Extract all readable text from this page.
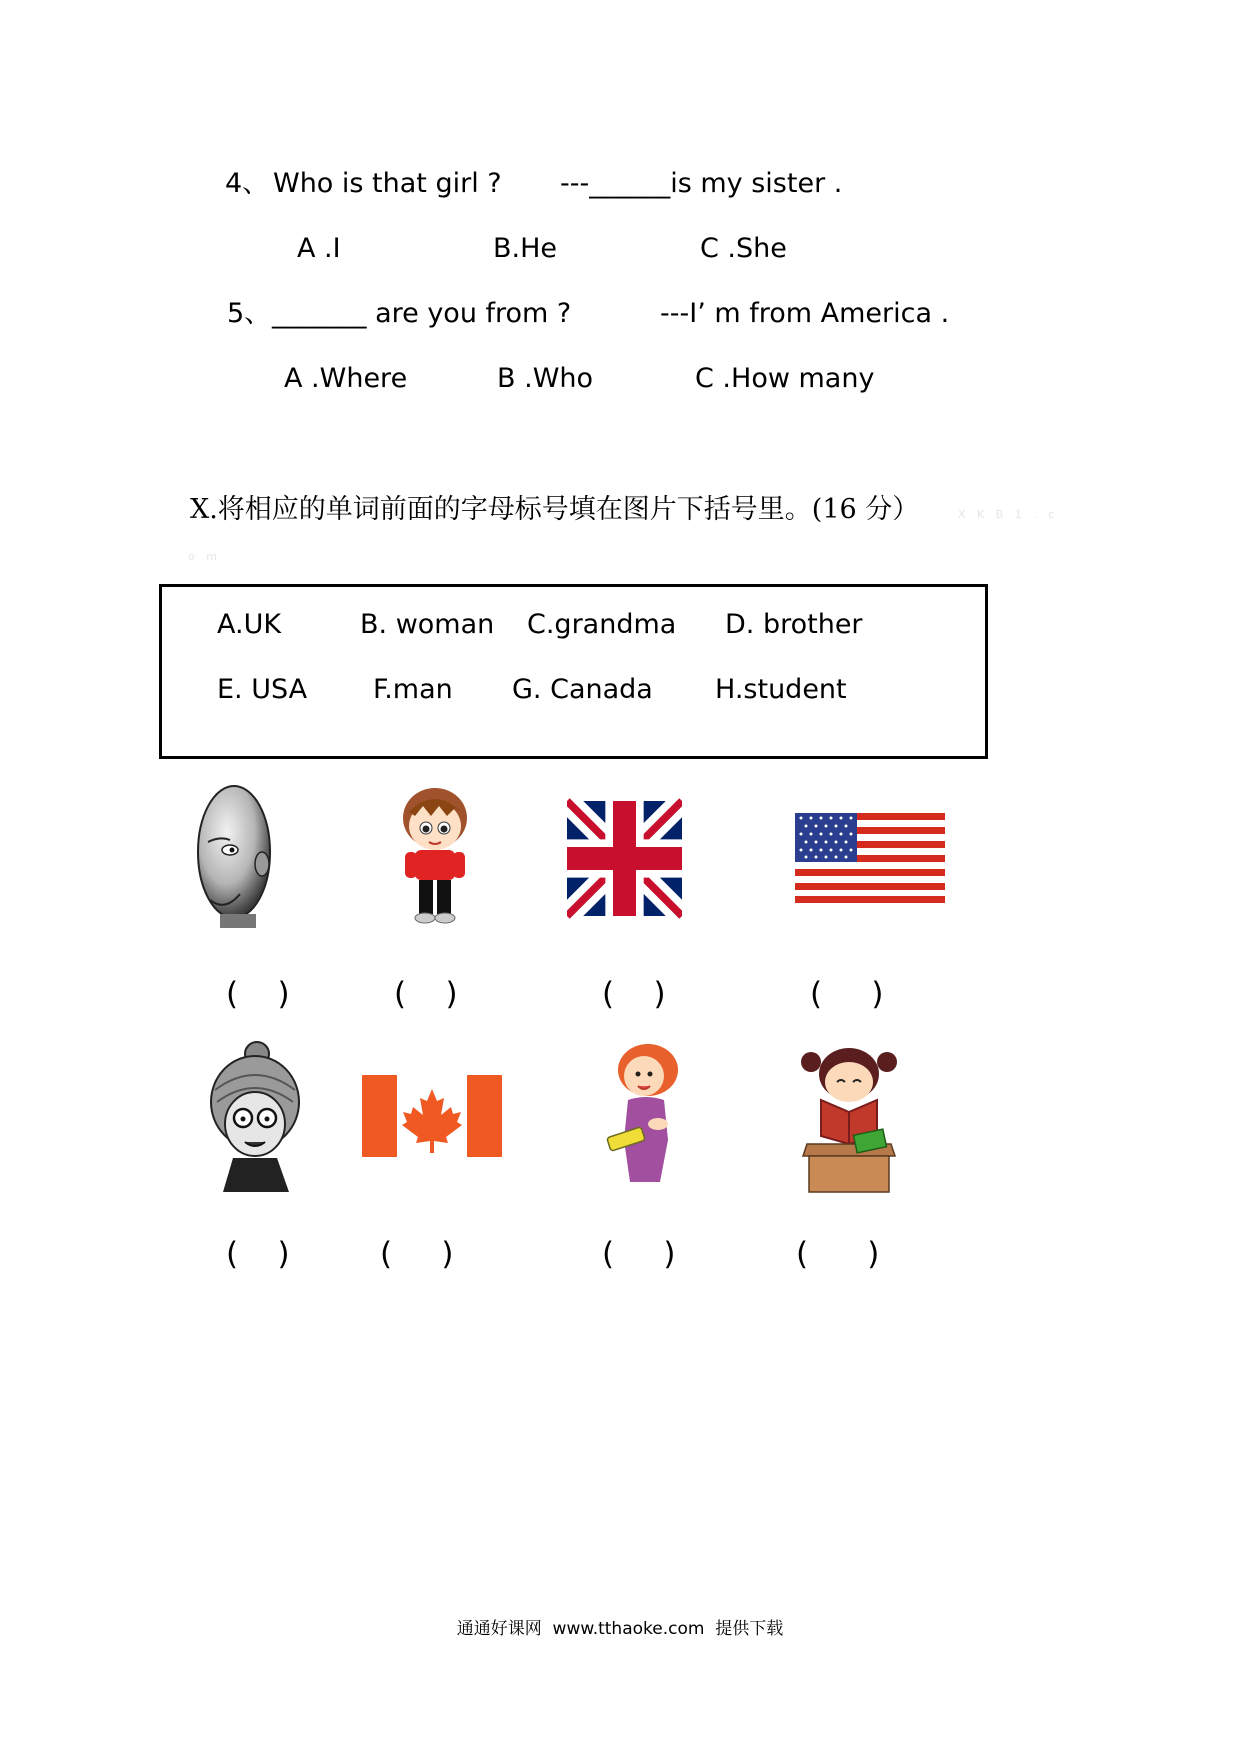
4、 Who is that girl ? ---______is my sister .
A .I	B.He	C .She
5、 _______ are you from ?	---I’ m from America .
A .Where	B .Who	C .How many
X.将相应的单词前面的字母标号填在图片下括号里。(16 分）	X K B 1 . c
o m
A.UK	B. woman C.grandma D. brother
E. USA F.man G. Canada H.student
(    )	(    )	(    )	(     )
(    )	(     )	(     )	(      )
通通好课网  www.tthaoke.com  提供下载
